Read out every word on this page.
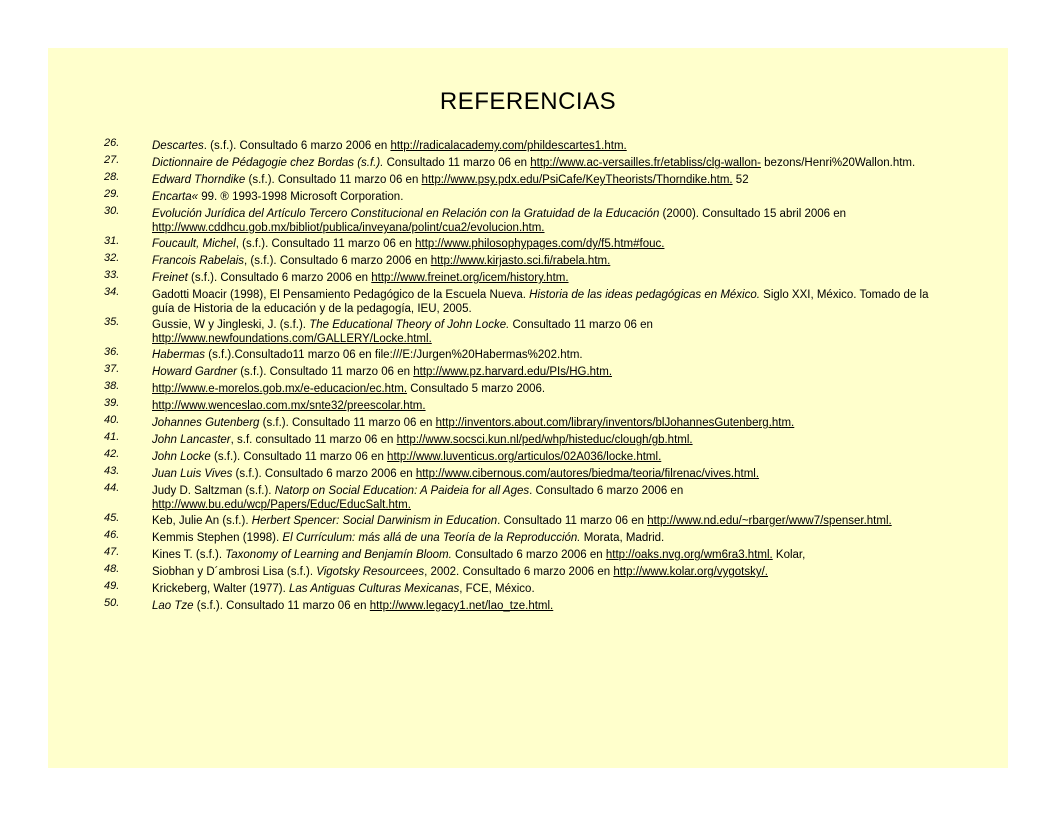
REFERENCIAS
26.	Descartes. (s.f.). Consultado 6 marzo 2006 en http://radicalacademy.com/phildescartes1.htm.
27.	Dictionnaire de Pédagogie chez Bordas (s.f.). Consultado 11 marzo 06 en http://www.ac-versailles.fr/etabliss/clg-wallon- bezons/Henri%20Wallon.htm.
28.	Edward Thorndike (s.f.). Consultado 11 marzo 06 en http://www.psy.pdx.edu/PsiCafe/KeyTheorists/Thorndike.htm. 52
29.	Encarta« 99. ® 1993-1998 Microsoft Corporation.
30.	Evolución Jurídica del Artículo Tercero Constitucional en Relación con la Gratuidad de la Educación (2000). Consultado 15 abril 2006 en http://www.cddhcu.gob.mx/bibliot/publica/inveyana/polint/cua2/evolucion.htm.
31.	Foucault, Michel, (s.f.). Consultado 11 marzo 06 en http://www.philosophypages.com/dy/f5.htm#fouc.
32.	Francois Rabelais, (s.f.). Consultado 6 marzo 2006 en http://www.kirjasto.sci.fi/rabela.htm.
33.	Freinet (s.f.). Consultado 6 marzo 2006 en http://www.freinet.org/icem/history.htm.
34.	Gadotti Moacir (1998), El Pensamiento Pedagógico de la Escuela Nueva. Historia de las ideas pedagógicas en México. Siglo XXI, México. Tomado de la guía de Historia de la educación y de la pedagogía, IEU, 2005.
35.	Gussie, W y Jingleski, J. (s.f.). The Educational Theory of John Locke. Consultado 11 marzo 06 en http://www.newfoundations.com/GALLERY/Locke.html.
36.	Habermas (s.f.).Consultado11 marzo 06 en file:///E:/Jurgen%20Habermas%202.htm.
37.	Howard Gardner (s.f.). Consultado 11 marzo 06 en http://www.pz.harvard.edu/PIs/HG.htm.
38.	http://www.e-morelos.gob.mx/e-educacion/ec.htm. Consultado 5 marzo 2006.
39.	http://www.wenceslao.com.mx/snte32/preescolar.htm.
40.	Johannes Gutenberg (s.f.). Consultado 11 marzo 06 en http://inventors.about.com/library/inventors/blJohannesGutenberg.htm.
41.	John Lancaster, s.f. consultado 11 marzo 06 en http://www.socsci.kun.nl/ped/whp/histeduc/clough/gb.html.
42.	John Locke (s.f.). Consultado 11 marzo 06 en http://www.luventicus.org/articulos/02A036/locke.html.
43.	Juan Luis Vives (s.f.). Consultado 6 marzo 2006 en http://www.cibernous.com/autores/biedma/teoria/filrenac/vives.html.
44.	Judy D. Saltzman (s.f.). Natorp on Social Education: A Paideia for all Ages. Consultado 6 marzo 2006 en http://www.bu.edu/wcp/Papers/Educ/EducSalt.htm.
45.	Keb, Julie An (s.f.). Herbert Spencer: Social Darwinism in Education. Consultado 11 marzo 06 en http://www.nd.edu/~rbarger/www7/spenser.html.
46.	Kemmis Stephen (1998). El Currículum: más allá de una Teoría de la Reproducción. Morata, Madrid.
47.	Kines T. (s.f.). Taxonomy of Learning and Benjamín Bloom. Consultado 6 marzo 2006 en http://oaks.nvg.org/wm6ra3.html. Kolar,
48.	Siobhan y D´ambrosi Lisa (s.f.). Vigotsky Resourcees, 2002. Consultado 6 marzo 2006 en http://www.kolar.org/vygotsky/.
49.	Krickeberg, Walter (1977). Las Antiguas Culturas Mexicanas, FCE, México.
50.	Lao Tze (s.f.). Consultado 11 marzo 06 en http://www.legacy1.net/lao_tze.html.
